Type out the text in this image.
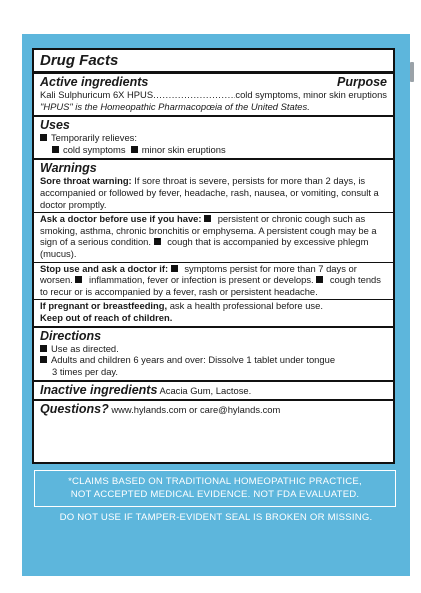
Drug Facts
Active ingredients	Purpose
Kali Sulphuricum 6X HPUS
.....	cold symptoms, minor skin eruptions
"HPUS" is the Homeopathic Pharmacopœia of the United States.
Uses
Temporarily relieves:
cold symptoms minor skin eruptions
Warnings
Sore throat warning: If sore throat is severe, persists for more than 2 days, is accompanied or followed by fever, headache, rash, nausea, or vomiting, consult a doctor promptly.
Ask a doctor before use if you have:  persistent or chronic cough such as smoking, asthma, chronic bronchitis or emphysema. A persistent cough may be a sign of a serious condition.  cough that is accompanied by excessive phlegm (mucus).
Stop use and ask a doctor if:  symptoms persist for more than 7 days or worsen.  inflammation, fever or infection is present or develops.  cough tends to recur or is accompanied by a fever, rash or persistent headache.
If pregnant or breastfeeding, ask a health professional before use.
Keep out of reach of children.
Directions
Use as directed.
Adults and children 6 years and over: Dissolve 1 tablet under tongue
3 times per day.
Inactive ingredients Acacia Gum, Lactose.
Questions? www.hylands.com or care@hylands.com
*CLAIMS BASED ON TRADITIONAL HOMEOPATHIC PRACTICE,
NOT ACCEPTED MEDICAL EVIDENCE. NOT FDA EVALUATED.
DO NOT USE IF TAMPER-EVIDENT SEAL IS BROKEN OR MISSING.
